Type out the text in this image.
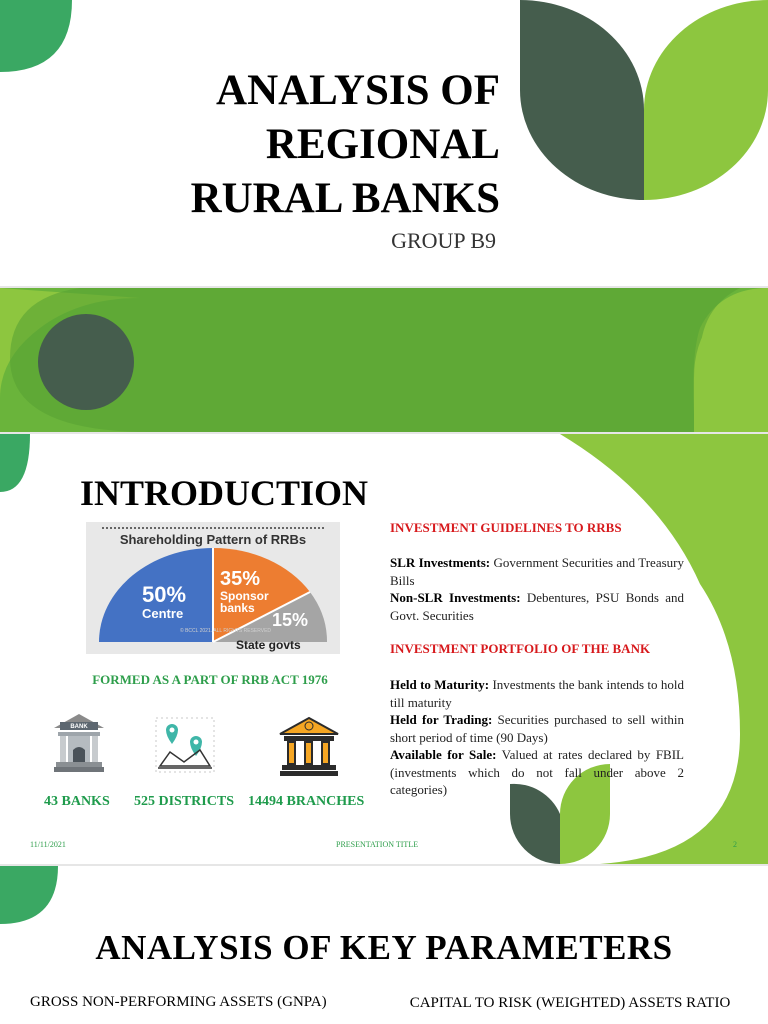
ANALYSIS OF
REGIONAL
RURAL BANKS
GROUP B9
INTRODUCTION
Shareholding Pattern of RRBs
50%
Centre
35%
Sponsor
banks
15%
© BCCL 2021. ALL RIGHTS RESERVED
State govts
FORMED AS A PART OF RRB ACT 1976
BANK
43 BANKS 525 DISTRICTS 14494 BRANCHES
INVESTMENT GUIDELINES TO RRBS
SLR Investments: Government Securities and Treasury Bills
Non-SLR Investments: Debentures, PSU Bonds and Govt. Securities
INVESTMENT PORTFOLIO OF THE BANK
Held to Maturity: Investments the bank intends to hold till maturity
Held for Trading: Securities purchased to sell within short period of time (90 Days)
Available for Sale: Valued at rates declared by FBIL (investments which do not fall under above 2 categories)
11/11/2021	PRESENTATION TITLE	2
ANALYSIS OF KEY PARAMETERS
GROSS NON-PERFORMING ASSETS (GNPA)	CAPITAL TO RISK (WEIGHTED) ASSETS RATIO
